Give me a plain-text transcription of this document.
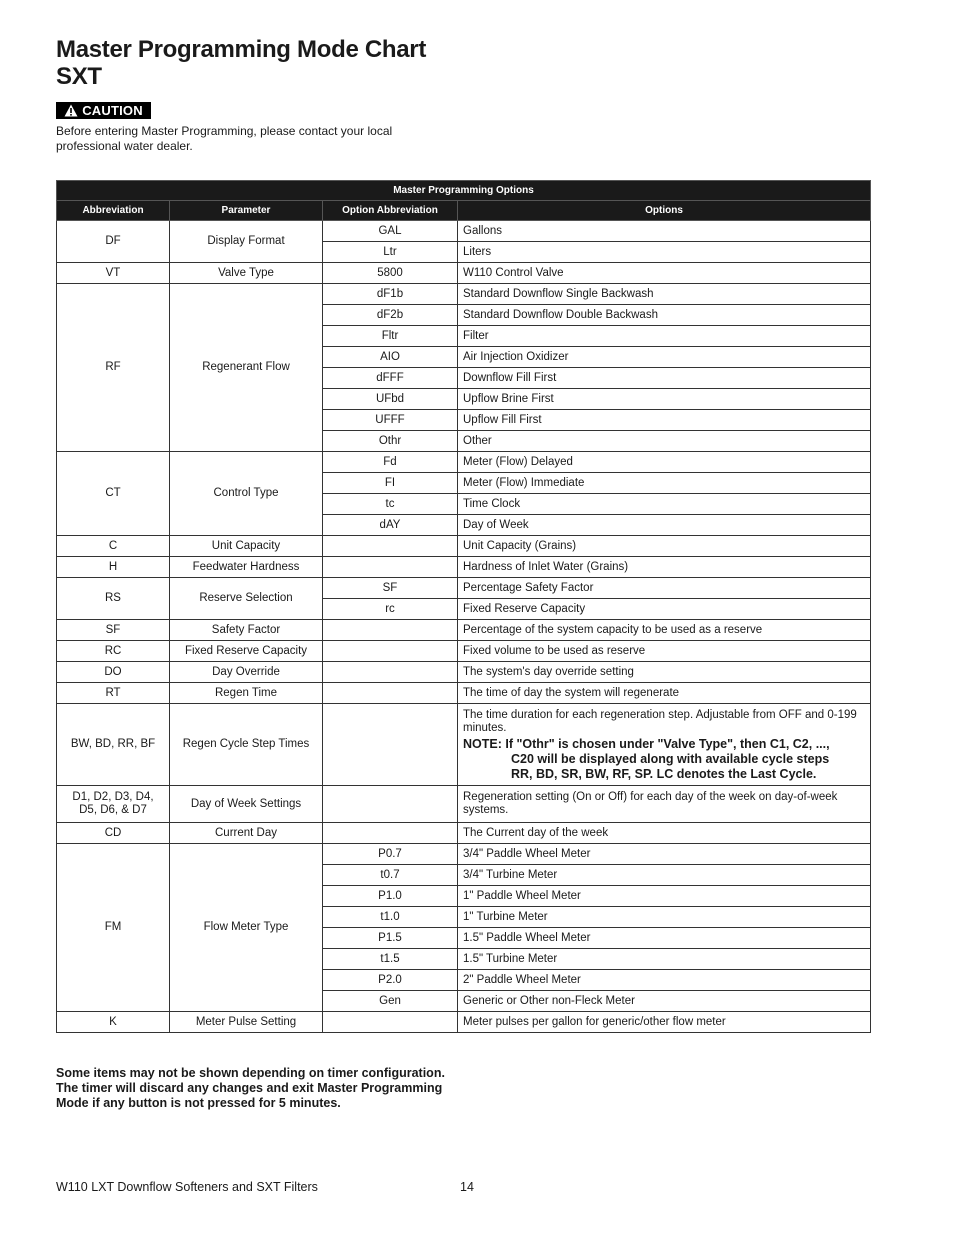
Master Programming Mode Chart
SXT
CAUTION
Before entering Master Programming, please contact your local professional water dealer.
Master Programming Options			
Abbreviation	Parameter	Option Abbreviation	Options
DF	Display Format	GAL	Gallons
		Ltr	Liters
VT	Valve Type	5800	W110 Control Valve
RF	Regenerant Flow	dF1b	Standard Downflow Single Backwash
		dF2b	Standard Downflow Double Backwash
		Fltr	Filter
		AIO	Air Injection Oxidizer
		dFFF	Downflow Fill First
		UFbd	Upflow Brine First
		UFFF	Upflow Fill First
		Othr	Other
CT	Control Type	Fd	Meter (Flow) Delayed
		FI	Meter (Flow) Immediate
		tc	Time Clock
		dAY	Day of Week
C	Unit Capacity		Unit Capacity (Grains)
H	Feedwater Hardness		Hardness of Inlet Water (Grains)
RS	Reserve Selection	SF	Percentage Safety Factor
		rc	Fixed Reserve Capacity
SF	Safety Factor		Percentage of the system capacity to be used as a reserve
RC	Fixed Reserve Capacity		Fixed volume to be used as reserve
DO	Day Override		The system's day override setting
RT	Regen Time		The time of day the system will regenerate
BW, BD, RR, BF	Regen Cycle Step Times		The time duration for each regeneration step. Adjustable from OFF and 0-199 minutes.
NOTE: If "Othr" is chosen under "Valve Type", then C1, C2, ...,
C20 will be displayed along with available cycle steps
RR, BD, SR, BW, RF, SP. LC denotes the Last Cycle.

D1, D2, D3, D4, D5, D6, & D7	Day of Week Settings		Regeneration setting (On or Off) for each day of the week on day-of-week systems.
CD	Current Day		The Current day of the week
FM	Flow Meter Type	P0.7	3/4" Paddle Wheel Meter
		t0.7	3/4" Turbine Meter
		P1.0	1" Paddle Wheel Meter
		t1.0	1" Turbine Meter
		P1.5	1.5" Paddle Wheel Meter
		t1.5	1.5" Turbine Meter
		P2.0	2" Paddle Wheel Meter
		Gen	Generic or Other non-Fleck Meter
K	Meter Pulse Setting		Meter pulses per gallon for generic/other flow meter
Some items may not be shown depending on timer configuration. The timer will discard any changes and exit Master Programming Mode if any button is not pressed for 5 minutes.
W110 LXT Downflow Softeners and SXT Filters	14
